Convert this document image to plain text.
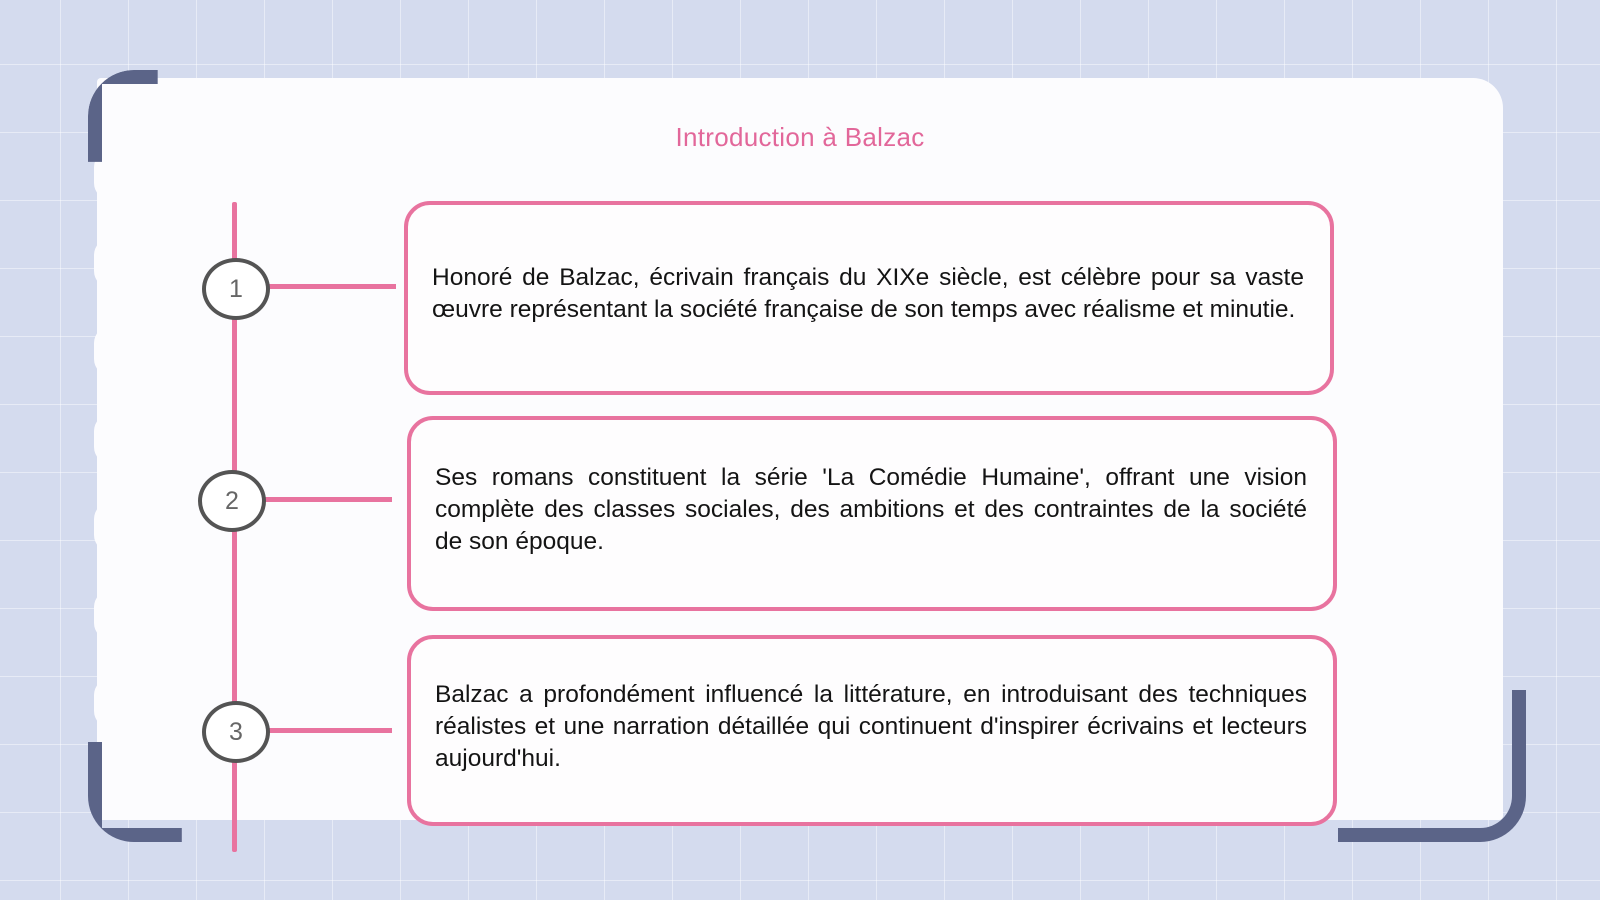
Introduction à Balzac
1	Honoré de Balzac, écrivain français du XIXe siècle, est célèbre pour sa vaste œuvre représentant la société française de son temps avec réalisme et minutie.

2

Ses romans constituent la série 'La Comédie Humaine', offrant une vision complète des classes sociales, des ambitions et des contraintes de la société de son époque.

3

Balzac a profondément influencé la littérature, en introduisant des techniques réalistes et une narration détaillée qui continuent d'inspirer écrivains et lecteurs aujourd'hui.
